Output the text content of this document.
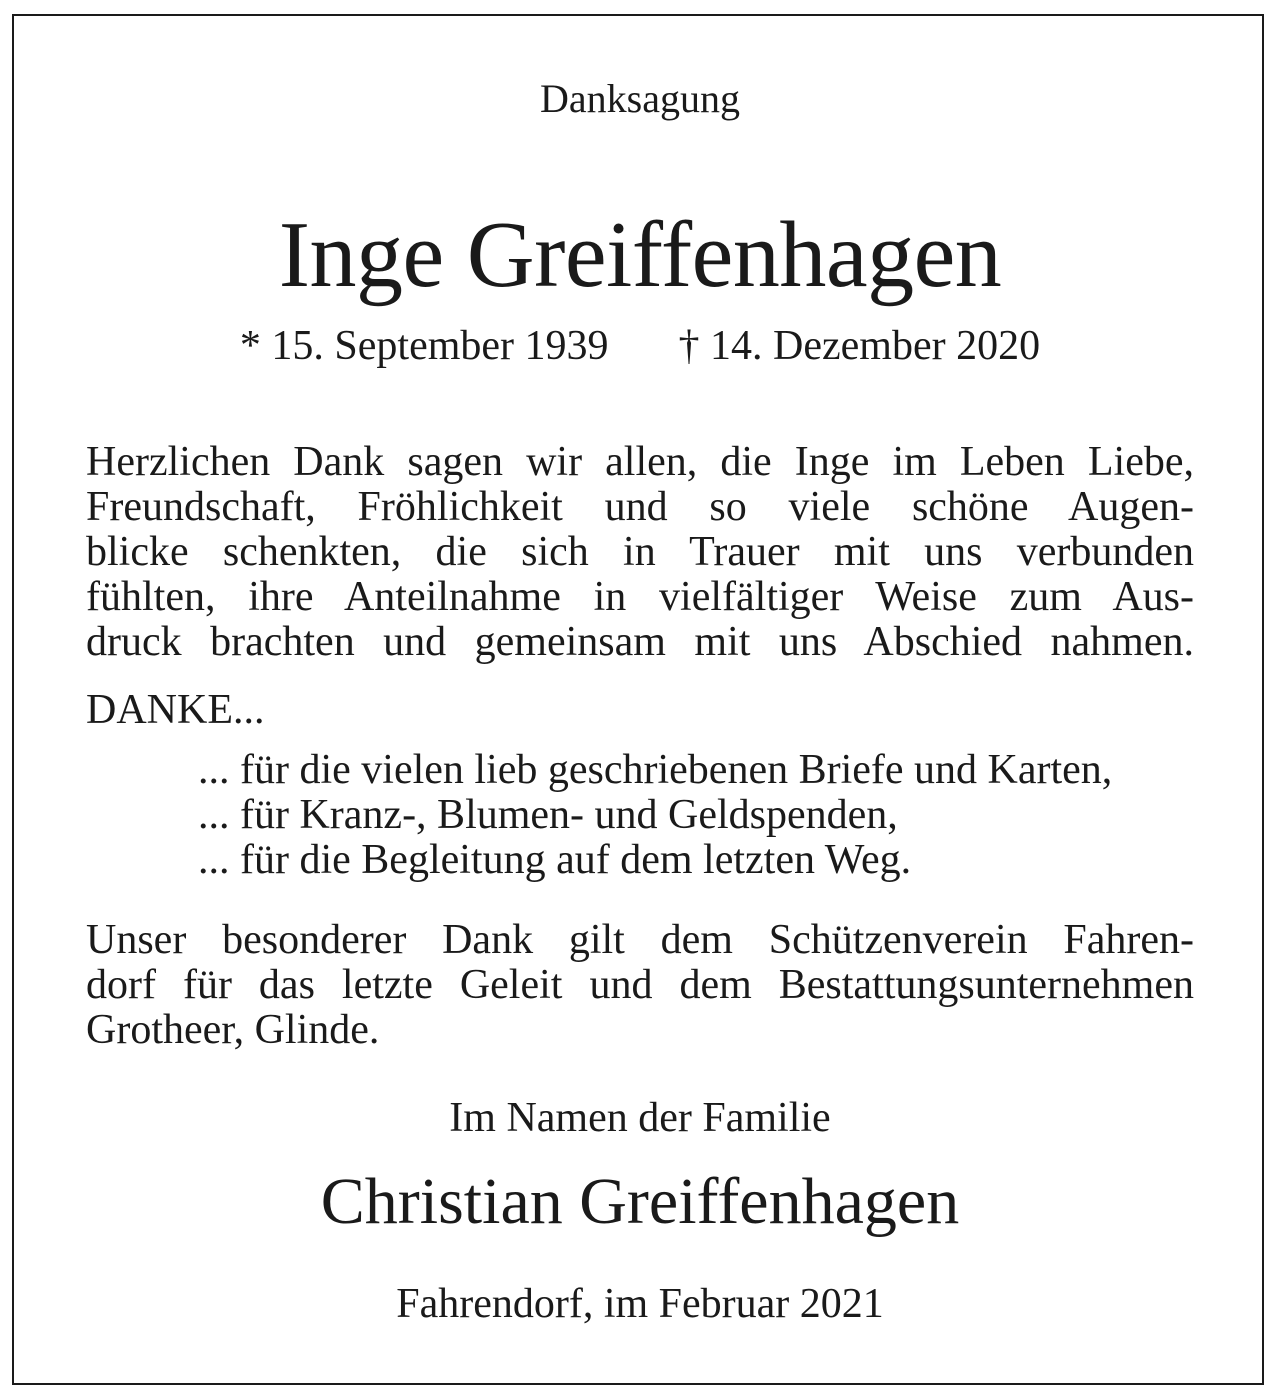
Danksagung
Inge Greiffenhagen
* 15. September 1939 † 14. Dezember 2020
Herzlichen Dank sagen wir allen, die Inge im Leben Liebe,
Freundschaft, Fröhlichkeit und so viele schöne Augen-
blicke schenkten, die sich in Trauer mit uns verbunden
fühlten, ihre Anteilnahme in vielfältiger Weise zum Aus-
druck brachten und gemeinsam mit uns Abschied nahmen.
DANKE...
... für die vielen lieb geschriebenen Briefe und Karten,
... für Kranz-, Blumen- und Geldspenden,
... für die Begleitung auf dem letzten Weg.
Unser besonderer Dank gilt dem Schützenverein Fahren-
dorf für das letzte Geleit und dem Bestattungsunternehmen
Grotheer, Glinde.
Im Namen der Familie
Christian Greiffenhagen
Fahrendorf, im Februar 2021
